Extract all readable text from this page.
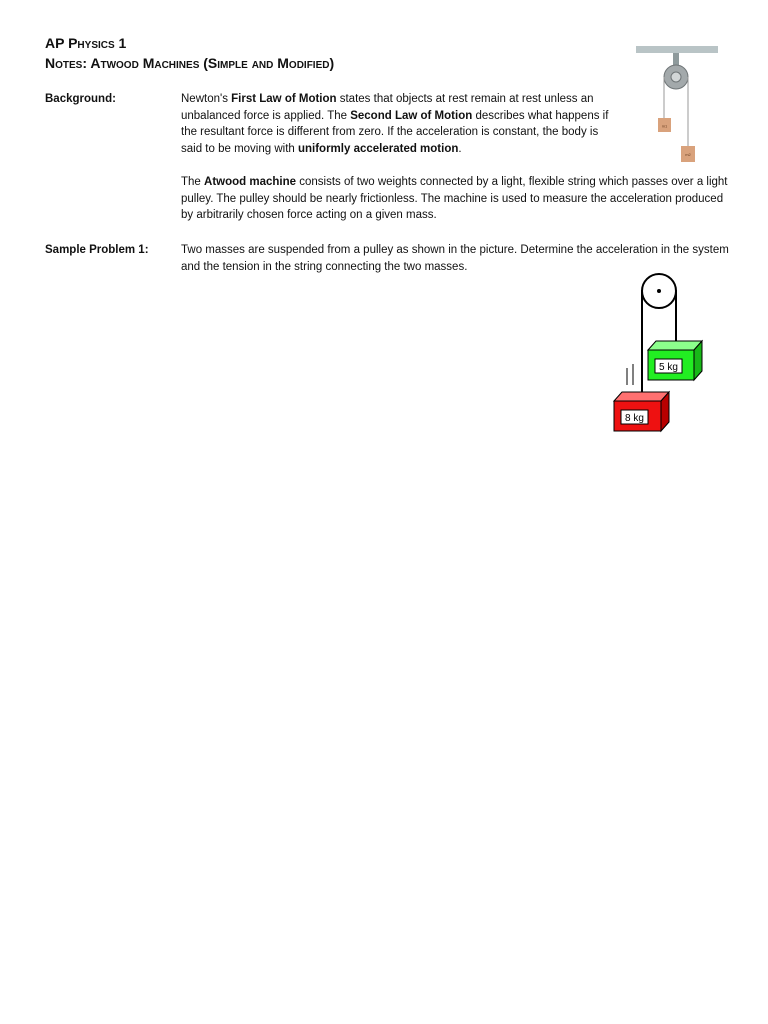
AP Physics 1
Notes: Atwood Machines (Simple and Modified)
m1
m2
Background:	Newton's First Law of Motion states that objects at rest remain at rest unless an unbalanced force is applied. The Second Law of Motion describes what happens if the resultant force is different from zero. If the acceleration is constant, the body is said to be moving with uniformly accelerated motion.
The Atwood machine consists of two weights connected by a light, flexible string which passes over a light pulley. The pulley should be nearly frictionless. The machine is used to measure the acceleration produced by arbitrarily chosen force acting on a given mass.
Sample Problem 1:	Two masses are suspended from a pulley as shown in the picture. Determine the acceleration in the system and the tension in the string connecting the two masses.
5 kg
8 kg
